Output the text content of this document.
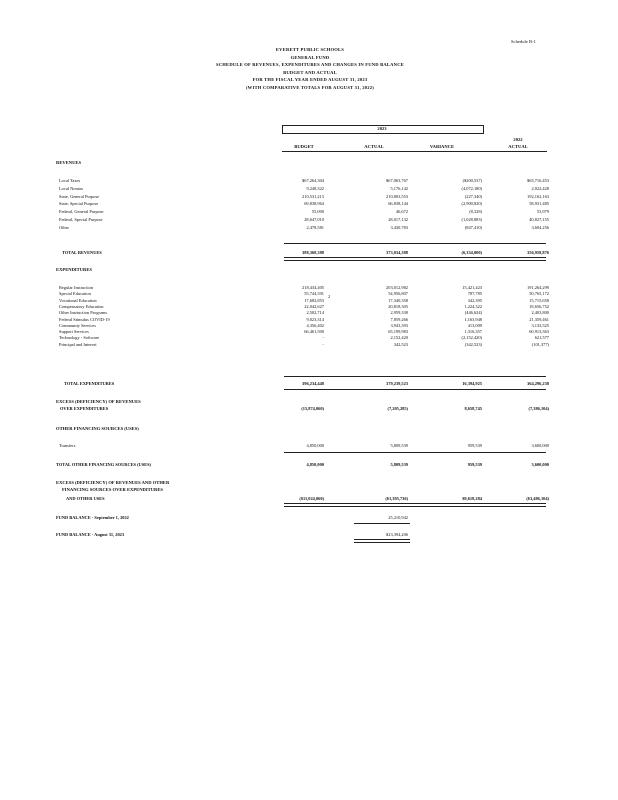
Schedule B-1
EVERETT PUBLIC SCHOOLS
GENERAL FUND
SCHEDULE OF REVENUES, EXPENDITURES AND CHANGES IN FUND BALANCE
BUDGET AND ACTUAL
FOR THE FISCAL YEAR ENDED AUGUST 31, 2023
(WITH COMPARATIVE TOTALS FOR AUGUST 31, 2022)
2023
2022
BUDGET	ACTUAL	VARIANCE	ACTUAL
REVENUES
Local Taxes	$67,264,304	$67,063,767	($200,537)	$65,716,453
Local Nontax	9,248,322	5,176,142	(4,072,180)	2,022,428
State, General Purpose	210,531,213	210,803,553	(227,340)	192,162,163
State, Special Purpose	69,838,964	66,838,144	(2,900,820)	58,931,485
Federal, General Purpose	55,000	46,672	(8,328)	53,979
Federal, Special Purpose	28,647,010	28,017,132	(1,028,883)	40,827,155
Other	2,478,581	3,430,783	(847,410)	3,604,256
TOTAL REVENUES	388,368,388	373,034,388	(6,334,000)	356,958,876
EXPENDITURES
Regular Instruction	218,434,405	203,012,982	15,421,423	191,264,299
Special Education	55,744,591	54,956,807	787,785	50,765,172
Vocational Education	17,682,853	17,340,358	342,395	15,715,658
Compensatory Education	22,042,627	20,818,305	1,224,322	18,656,752
Other Instruction Programs	2,502,714	2,959,338	(446,624)	2,403,800
Federal Stimulus COVID-19	9,023,314	7,859,266	1,163,948	21,359,461
Community Services	4,356,402	3,943,393	413,009	3,133,525
Support Services	66,461,500	65,199,983	1,316,357	60,913,363
Technology - Software	-	2,152,420	(2,152,420)	621,577
Principal and Interest	-	342,523	(342,523)	(101,377)
2
TOTAL EXPENDITURES	396,234,448	379,239,523	16,394,925	364,296,238
EXCESS (DEFICIENCY) OF REVENUES
OVER EXPENDITURES	(15,874,060)	(7,205,285)	8,658,745	(7,386,104)
OTHER FINANCING SOURCES (USES)
Transfers	4,850,000	5,809,539	959,539	3,600,000
TOTAL OTHER FINANCING SOURCES (USES)	4,850,000	5,809,539	959,539	3,600,000
EXCESS (DEFICIENCY) OF REVENUES AND OTHER
FINANCING SOURCES OVER EXPENDITURES
AND OTHER USES	($11,024,060)	($1,395,736)	$9,618,284	($3,486,104)
FUND BALANCE - September 1, 2022	25,210,942
FUND BALANCE - August 31, 2023	$23,394,206
